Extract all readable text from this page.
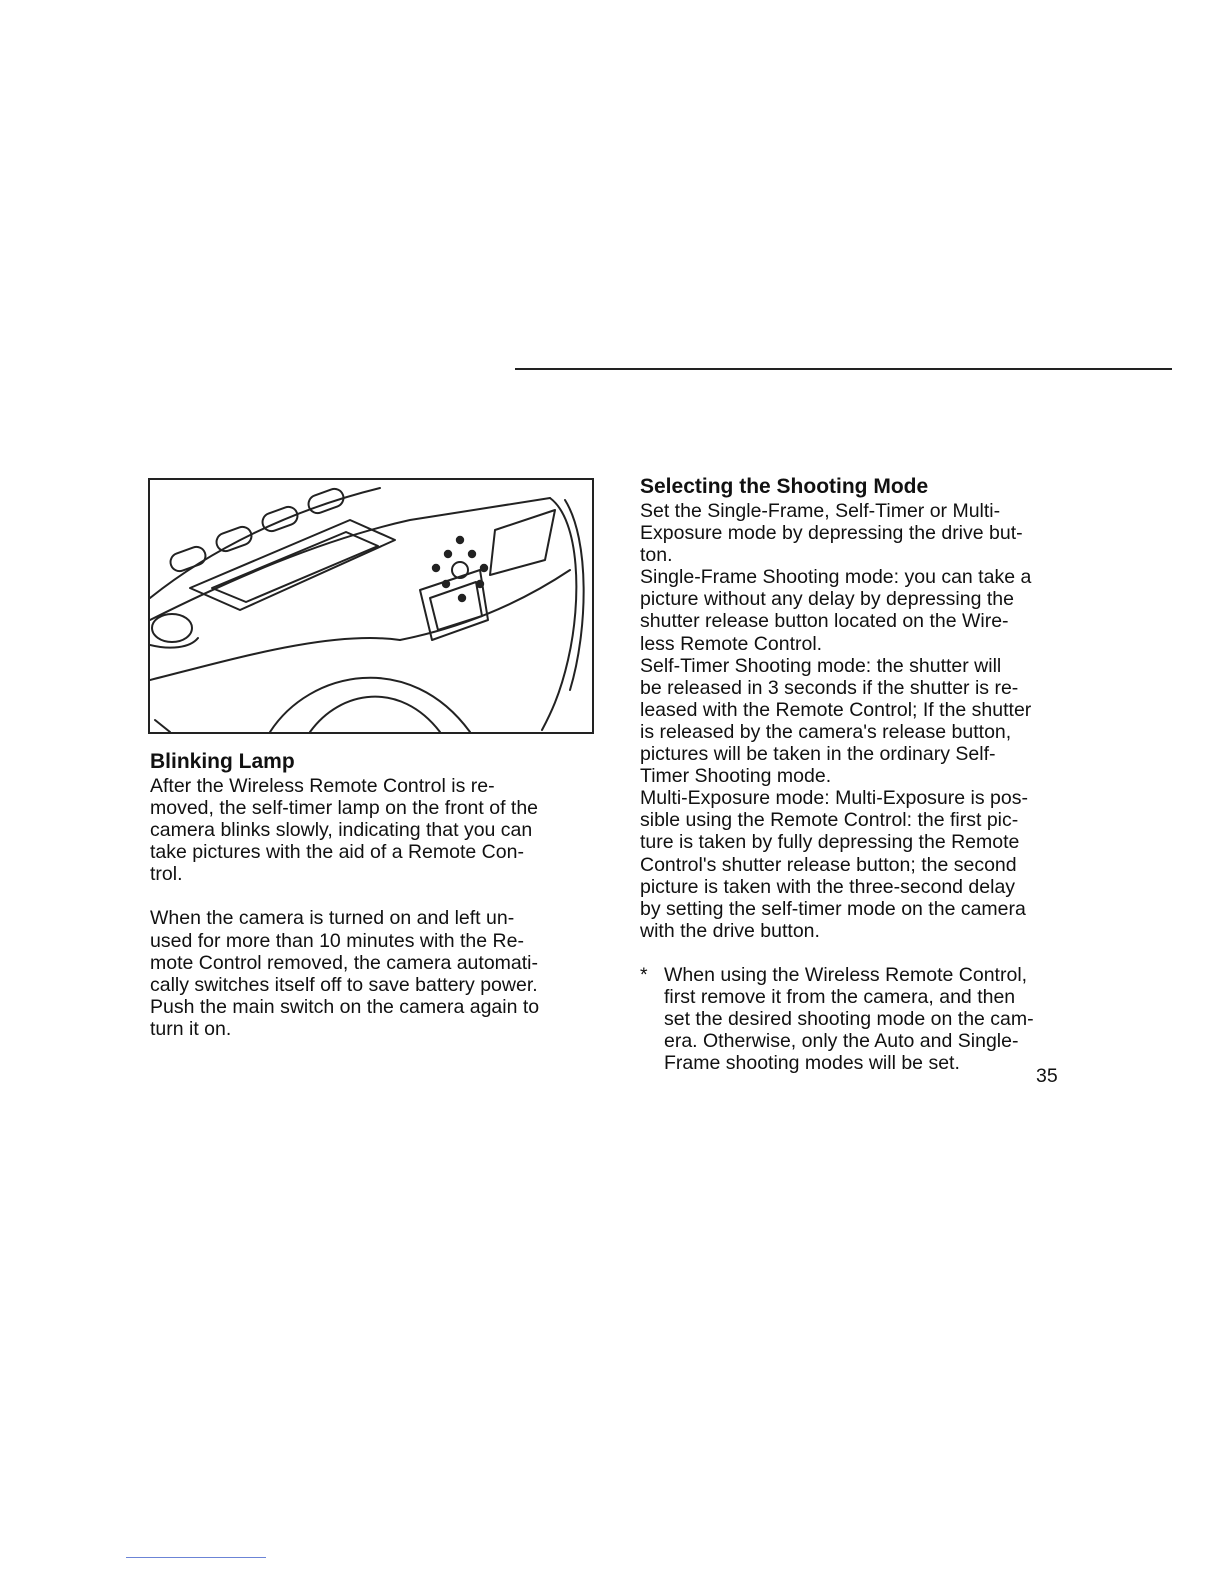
Blinking Lamp

After the Wireless Remote Control is re-
moved, the self-timer lamp on the front of the
camera blinks slowly, indicating that you can
take pictures with the aid of a Remote Con-
trol.

When the camera is turned on and left un-
used for more than 10 minutes with the Re-
mote Control removed, the camera automati-
cally switches itself off to save battery power.
Push the main switch on the camera again to
turn it on.

Selecting the Shooting Mode

Set the Single-Frame, Self-Timer or Multi-
Exposure mode by depressing the drive but-
ton.
Single-Frame Shooting mode: you can take a
picture without any delay by depressing the
shutter release button located on the Wire-
less Remote Control.
Self-Timer Shooting mode: the shutter will
be released in 3 seconds if the shutter is re-
leased with the Remote Control; If the shutter
is released by the camera's release button,
pictures will be taken in the ordinary Self-
Timer Shooting mode.
Multi-Exposure mode: Multi-Exposure is pos-
sible using the Remote Control: the first pic-
ture is taken by fully depressing the Remote
Control's shutter release button; the second
picture is taken with the three-second delay
by setting the self-timer mode on the camera
with the drive button.

* When using the Wireless Remote Control,
first remove it from the camera, and then
set the desired shooting mode on the cam-
era. Otherwise, only the Auto and Single-
Frame shooting modes will be set.
35
